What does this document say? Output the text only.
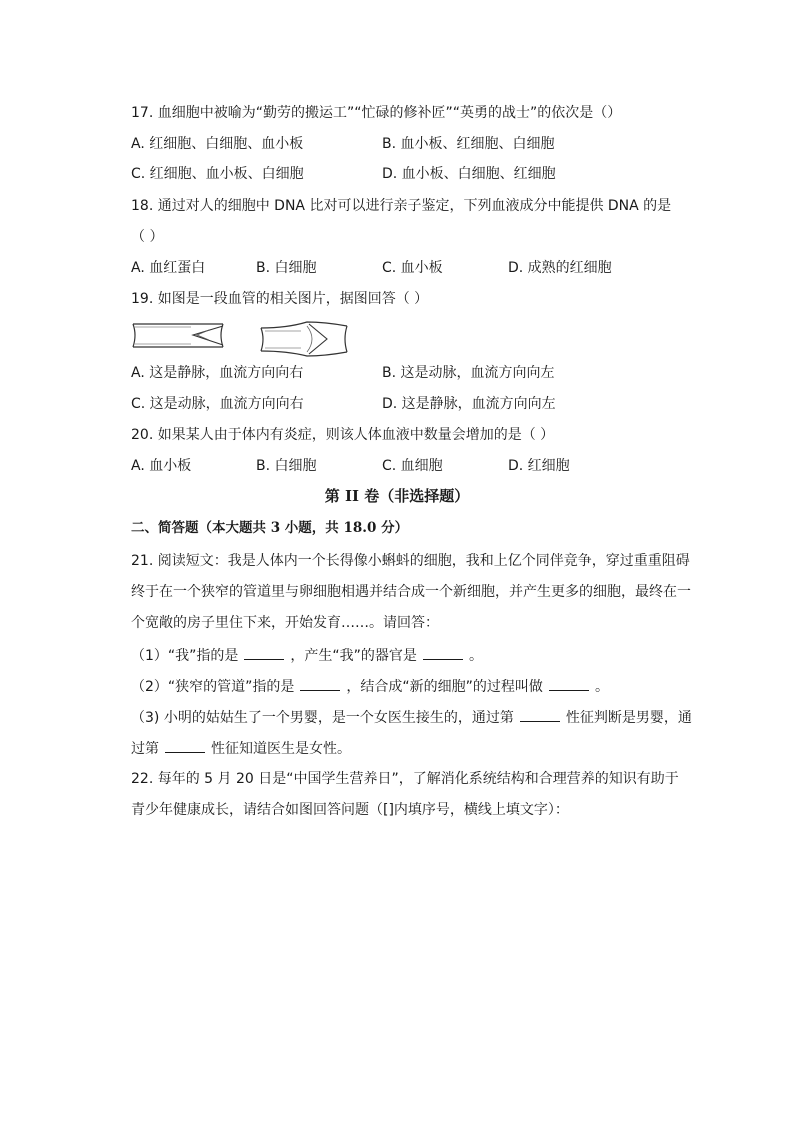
17. 血细胞中被喻为“勤劳的搬运工”“忙碌的修补匠”“英勇的战士”的依次是（）
A. 红细胞、白细胞、血小板	B. 血小板、红细胞、白细胞
C. 红细胞、血小板、白细胞	D. 血小板、白细胞、红细胞
18. 通过对人的细胞中 DNA 比对可以进行亲子鉴定，下列血液成分中能提供 DNA 的是
（ ）
A. 血红蛋白	B. 白细胞	C. 血小板	D. 成熟的红细胞
19. 如图是一段血管的相关图片，据图回答（ ）
A. 这是静脉，血流方向向右	B. 这是动脉，血流方向向左
C. 这是动脉，血流方向向右	D. 这是静脉，血流方向向左
20. 如果某人由于体内有炎症，则该人体血液中数量会增加的是（ ）
A. 血小板	B. 白细胞	C. 血细胞	D. 红细胞
第 II 卷（非选择题）
二、简答题（本大题共 3 小题，共 18.0 分）
21. 阅读短文：我是人体内一个长得像小蝌蚪的细胞，我和上亿个同伴竞争，穿过重重阻碍
终于在一个狭窄的管道里与卵细胞相遇并结合成一个新细胞，并产生更多的细胞，最终在一
个宽敞的房子里住下来，开始发育……。请回答：
（1）“我”指的是	，产生“我”的器官是	。
（2）“狭窄的管道”指的是	，结合成“新的细胞”的过程叫做	。
（3) 小明的姑姑生了一个男婴，是一个女医生接生的，通过第	性征判断是男婴，通
过第	性征知道医生是女性。
22. 每年的 5 月 20 日是“中国学生营养日”，了解消化系统结构和合理营养的知识有助于
青少年健康成长，请结合如图回答问题（[]内填序号，横线上填文字）：
